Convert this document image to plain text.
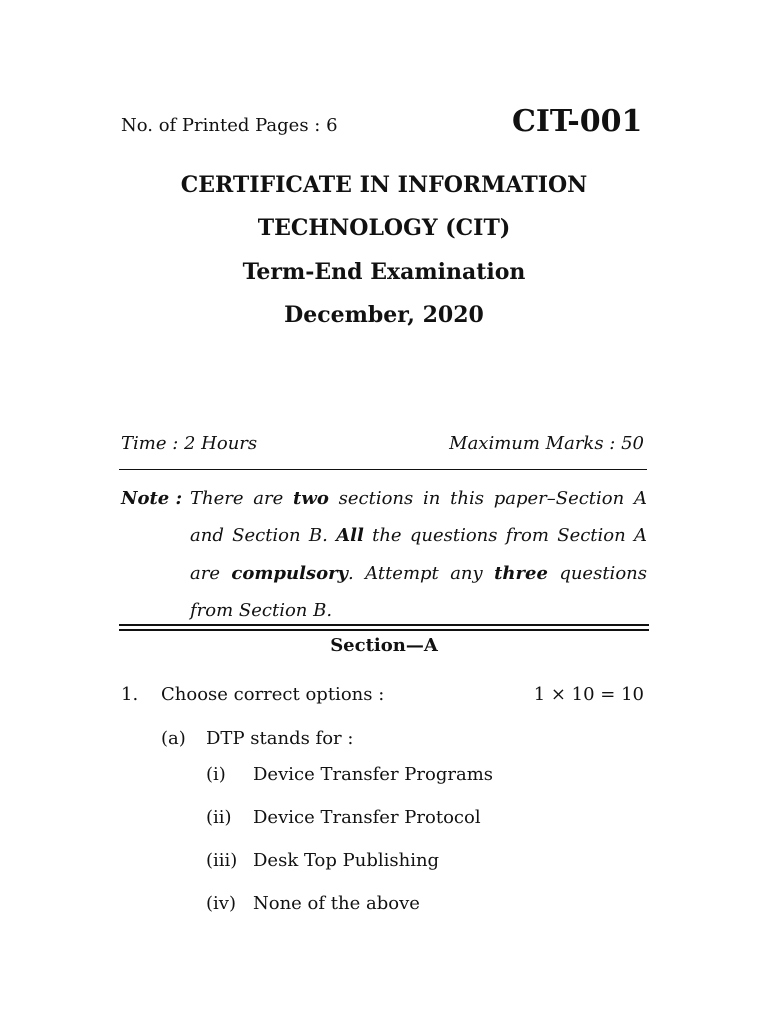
No. of Printed Pages : 6	CIT-001
CERTIFICATE IN INFORMATION
TECHNOLOGY (CIT)
Term-End Examination
December, 2020
Time : 2 Hours	Maximum Marks : 50
Note : There are two sections in this paper–Section A and Section B. All the questions from Section A are compulsory. Attempt any three questions from Section B.
Section—A
1. Choose correct options :	1 × 10 = 10
(a) DTP stands for :
(i) Device Transfer Programs
(ii) Device Transfer Protocol
(iii) Desk Top Publishing
(iv) None of the above
